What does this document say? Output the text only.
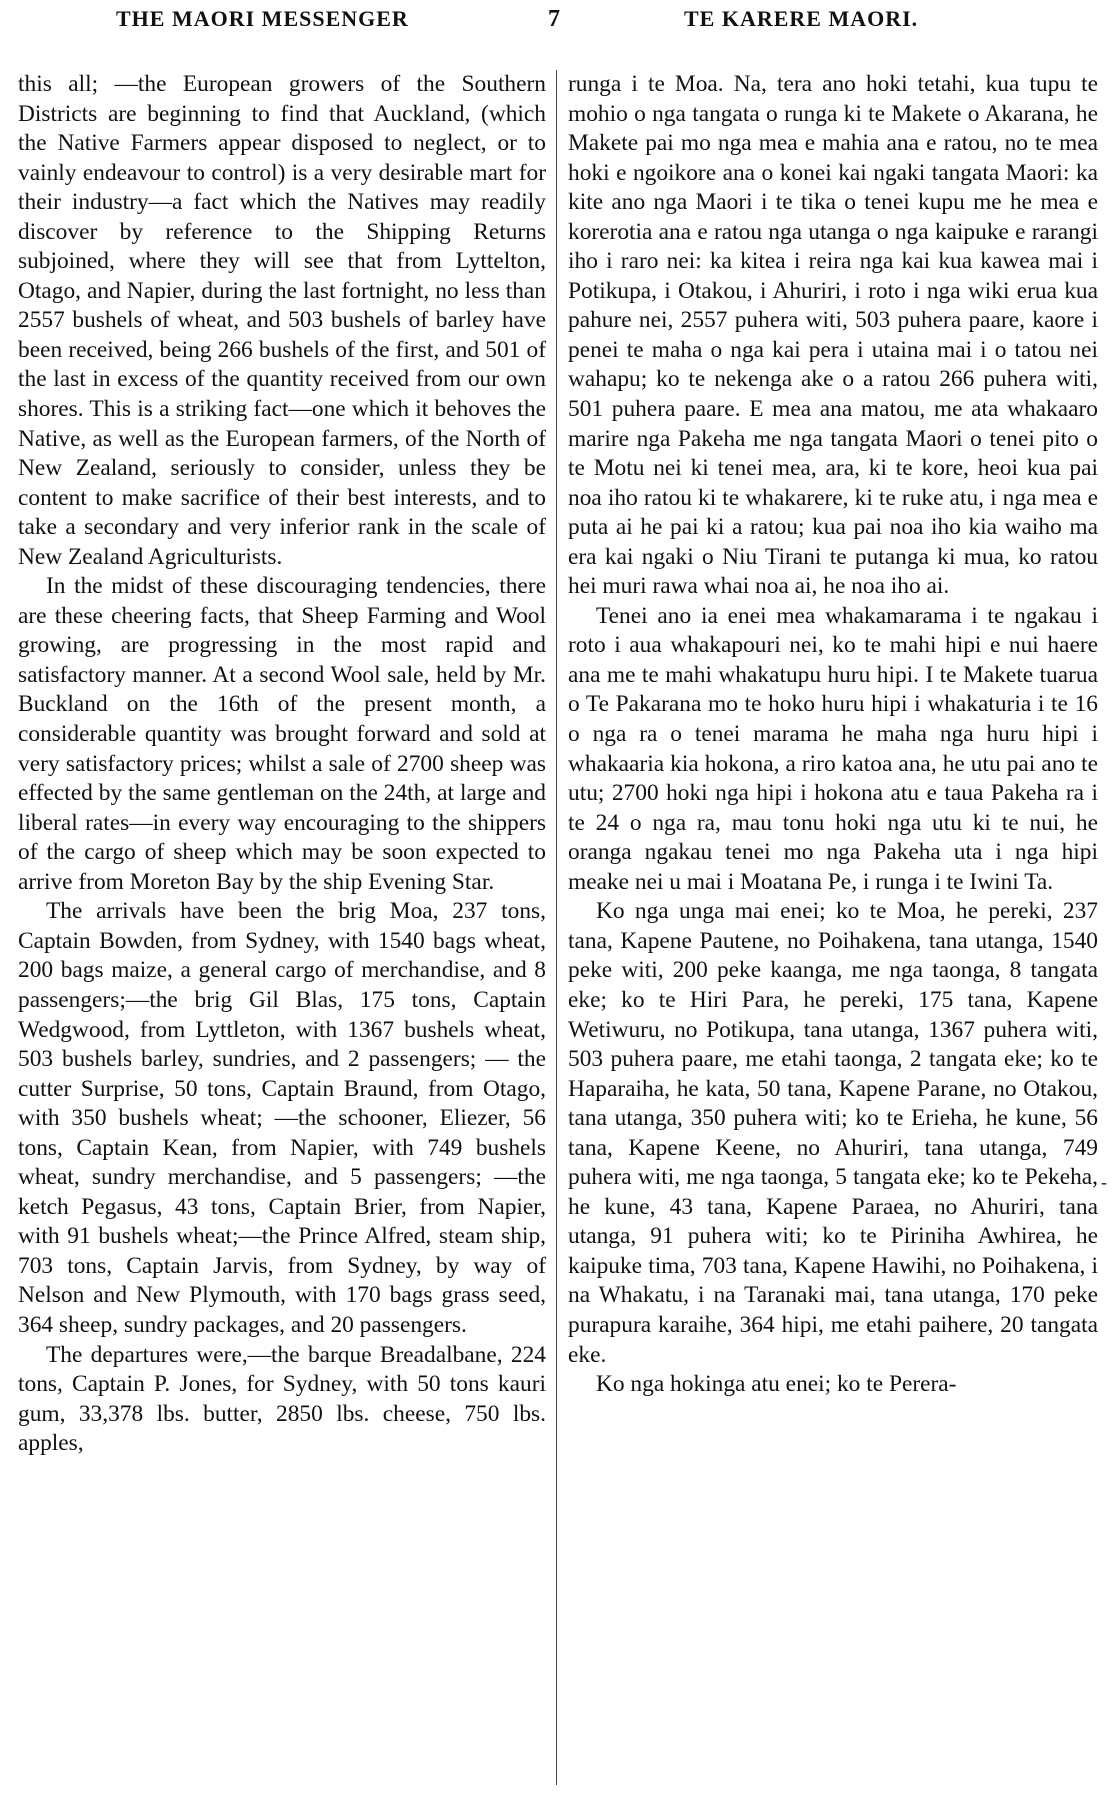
THE MAORI MESSENGER	7	TE KARERE MAORI.

this all; —the European growers of the Southern Districts are beginning to find that Auckland, (which the Native Farmers appear disposed to neglect, or to vainly endeavour to control) is a very desirable mart for their industry—a fact which the Natives may readily discover by reference to the Shipping Returns subjoined, where they will see that from Lyttelton, Otago, and Napier, during the last fortnight, no less than 2557 bushels of wheat, and 503 bushels of barley have been received, being 266 bushels of the first, and 501 of the last in excess of the quantity received from our own shores. This is a striking fact—one which it behoves the Native, as well as the European farmers, of the North of New Zealand, seriously to consider, unless they be content to make sacrifice of their best interests, and to take a secondary and very inferior rank in the scale of New Zealand Agriculturists.

In the midst of these discouraging tendencies, there are these cheering facts, that Sheep Farming and Wool growing, are progressing in the most rapid and satisfactory manner. At a second Wool sale, held by Mr. Buckland on the 16th of the present month, a considerable quantity was brought forward and sold at very satisfactory prices; whilst a sale of 2700 sheep was effected by the same gentleman on the 24th, at large and liberal rates—in every way encouraging to the shippers of the cargo of sheep which may be soon expected to arrive from Moreton Bay by the ship Evening Star.

The arrivals have been the brig Moa, 237 tons, Captain Bowden, from Sydney, with 1540 bags wheat, 200 bags maize, a general cargo of merchandise, and 8 passengers;—the brig Gil Blas, 175 tons, Captain Wedgwood, from Lyttleton, with 1367 bushels wheat, 503 bushels barley, sundries, and 2 passengers; — the cutter Surprise, 50 tons, Captain Braund, from Otago, with 350 bushels wheat; —the schooner, Eliezer, 56 tons, Captain Kean, from Napier, with 749 bushels wheat, sundry merchandise, and 5 passengers; —the ketch Pegasus, 43 tons, Captain Brier, from Napier, with 91 bushels wheat;—the Prince Alfred, steam ship, 703 tons, Captain Jarvis, from Sydney, by way of Nelson and New Plymouth, with 170 bags grass seed, 364 sheep, sundry packages, and 20 passengers.

The departures were,—the barque Breadalbane, 224 tons, Captain P. Jones, for Sydney, with 50 tons kauri gum, 33,378 lbs. butter, 2850 lbs. cheese, 750 lbs. apples,

runga i te Moa. Na, tera ano hoki tetahi, kua tupu te mohio o nga tangata o runga ki te Makete o Akarana, he Makete pai mo nga mea e mahia ana e ratou, no te mea hoki e ngoikore ana o konei kai ngaki tangata Maori: ka kite ano nga Maori i te tika o tenei kupu me he mea e korerotia ana e ratou nga utanga o nga kaipuke e rarangi iho i raro nei: ka kitea i reira nga kai kua kawea mai i Potikupa, i Otakou, i Ahuriri, i roto i nga wiki erua kua pahure nei, 2557 puhera witi, 503 puhera paare, kaore i penei te maha o nga kai pera i utaina mai i o tatou nei wahapu; ko te nekenga ake o a ratou 266 puhera witi, 501 puhera paare. E mea ana matou, me ata whakaaro marire nga Pakeha me nga tangata Maori o tenei pito o te Motu nei ki tenei mea, ara, ki te kore, heoi kua pai noa iho ratou ki te whakarere, ki te ruke atu, i nga mea e puta ai he pai ki a ratou; kua pai noa iho kia waiho ma era kai ngaki o Niu Tirani te putanga ki mua, ko ratou hei muri rawa whai noa ai, he noa iho ai.

Tenei ano ia enei mea whakamarama i te ngakau i roto i aua whakapouri nei, ko te mahi hipi e nui haere ana me te mahi whakatupu huru hipi. I te Makete tuarua o Te Pakarana mo te hoko huru hipi i whakaturia i te 16 o nga ra o tenei marama he maha nga huru hipi i whakaaria kia hokona, a riro katoa ana, he utu pai ano te utu; 2700 hoki nga hipi i hokona atu e taua Pakeha ra i te 24 o nga ra, mau tonu hoki nga utu ki te nui, he oranga ngakau tenei mo nga Pakeha uta i nga hipi meake nei u mai i Moatana Pe, i runga i te Iwini Ta.

Ko nga unga mai enei; ko te Moa, he pereki, 237 tana, Kapene Pautene, no Poihakena, tana utanga, 1540 peke witi, 200 peke kaanga, me nga taonga, 8 tangata eke; ko te Hiri Para, he pereki, 175 tana, Kapene Wetiwuru, no Potikupa, tana utanga, 1367 puhera witi, 503 puhera paare, me etahi taonga, 2 tangata eke; ko te Haparaiha, he kata, 50 tana, Kapene Parane, no Otakou, tana utanga, 350 puhera witi; ko te Erieha, he kune, 56 tana, Kapene Keene, no Ahuriri, tana utanga, 749 puhera witi, me nga taonga, 5 tangata eke; ko te Pekeha, he kune, 43 tana, Kapene Paraea, no Ahuriri, tana utanga, 91 puhera witi; ko te Piriniha Awhirea, he kaipuke tima, 703 tana, Kapene Hawihi, no Poihakena, i na Whakatu, i na Taranaki mai, tana utanga, 170 peke purapura karaihe, 364 hipi, me etahi paihere, 20 tangata eke.

Ko nga hokinga atu enei; ko te Perera-

-
